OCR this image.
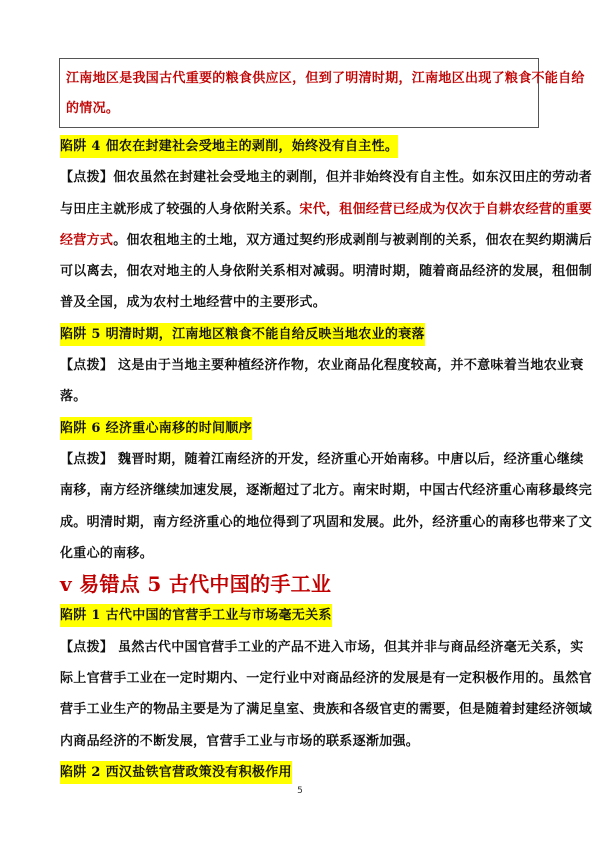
江南地区是我国古代重要的粮食供应区，但到了明清时期，江南地区出现了粮食不能自给
的情况。
陷阱 4 佃农在封建社会受地主的剥削，始终没有自主性。
【点拨】佃农虽然在封建社会受地主的剥削，但并非始终没有自主性。如东汉田庄的劳动者
与田庄主就形成了较强的人身依附关系。宋代，租佃经营已经成为仅次于自耕农经营的重要
经营方式。佃农租地主的土地，双方通过契约形成剥削与被剥削的关系，佃农在契约期满后
可以离去，佃农对地主的人身依附关系相对减弱。明清时期，随着商品经济的发展，租佃制
普及全国，成为农村土地经营中的主要形式。
陷阱 5 明清时期，江南地区粮食不能自给反映当地农业的衰落
【点拨】 这是由于当地主要种植经济作物，农业商品化程度较高，并不意味着当地农业衰
落。
陷阱 6 经济重心南移的时间顺序
【点拨】 魏晋时期，随着江南经济的开发，经济重心开始南移。中唐以后，经济重心继续
南移，南方经济继续加速发展，逐渐超过了北方。南宋时期，中国古代经济重心南移最终完
成。明清时期，南方经济重心的地位得到了巩固和发展。此外，经济重心的南移也带来了文
化重心的南移。
v 易错点 5 古代中国的手工业
陷阱 1 古代中国的官营手工业与市场毫无关系
【点拨】 虽然古代中国官营手工业的产品不进入市场，但其并非与商品经济毫无关系，实
际上官营手工业在一定时期内、一定行业中对商品经济的发展是有一定积极作用的。虽然官
营手工业生产的物品主要是为了满足皇室、贵族和各级官吏的需要，但是随着封建经济领域
内商品经济的不断发展，官营手工业与市场的联系逐渐加强。
陷阱 2 西汉盐铁官营政策没有积极作用
5
